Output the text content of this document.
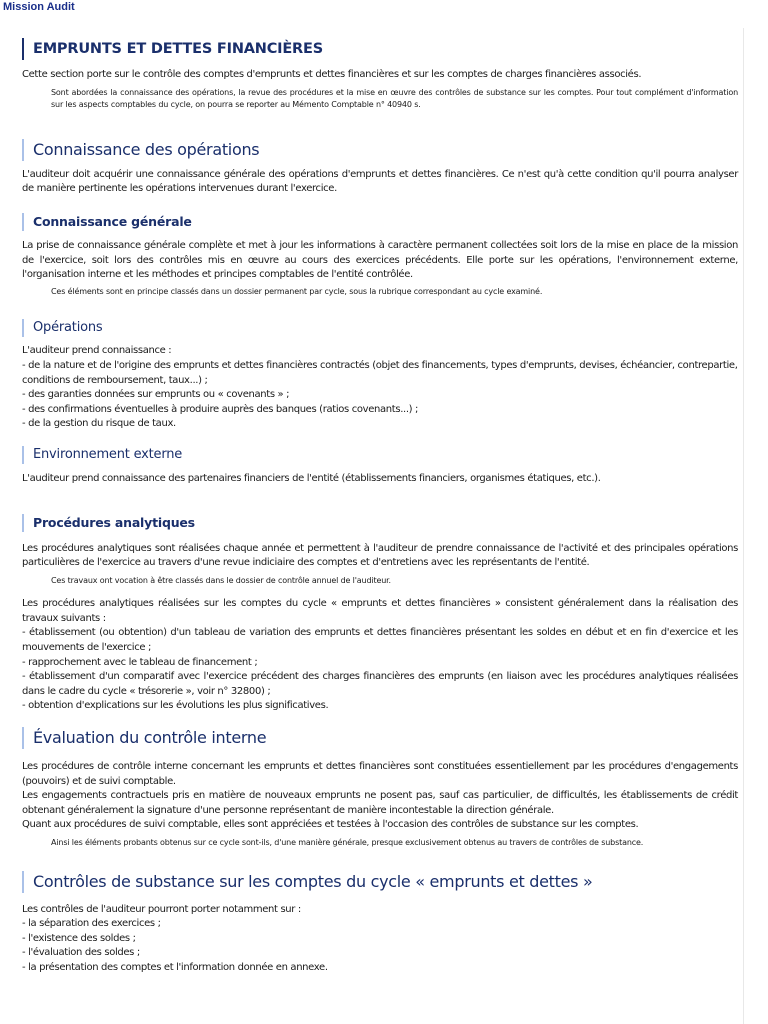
Mission Audit
EMPRUNTS ET DETTES FINANCIÈRES

Cette section porte sur le contrôle des comptes d'emprunts et dettes financières et sur les comptes de charges financières associés.

Sont abordées la connaissance des opérations, la revue des procédures et la mise en œuvre des contrôles de substance sur les comptes. Pour tout complément d'information sur les aspects comptables du cycle, on pourra se reporter au Mémento Comptable n° 40940 s.

Connaissance des opérations

L'auditeur doit acquérir une connaissance générale des opérations d'emprunts et dettes financières. Ce n'est qu'à cette condition qu'il pourra analyser de manière pertinente les opérations intervenues durant l'exercice.

Connaissance générale

La prise de connaissance générale complète et met à jour les informations à caractère permanent collectées soit lors de la mise en place de la mission de l'exercice, soit lors des contrôles mis en œuvre au cours des exercices précédents. Elle porte sur les opérations, l'environnement externe, l'organisation interne et les méthodes et principes comptables de l'entité contrôlée.

Ces éléments sont en principe classés dans un dossier permanent par cycle, sous la rubrique correspondant au cycle examiné.

Opérations

L'auditeur prend connaissance :

- de la nature et de l'origine des emprunts et dettes financières contractés (objet des financements, types d'emprunts, devises, échéancier, contrepartie, conditions de remboursement, taux...) ;
- des garanties données sur emprunts ou « covenants » ;
- des confirmations éventuelles à produire auprès des banques (ratios covenants...) ;
- de la gestion du risque de taux.
Environnement externe

L'auditeur prend connaissance des partenaires financiers de l'entité (établissements financiers, organismes étatiques, etc.).

Procédures analytiques

Les procédures analytiques sont réalisées chaque année et permettent à l'auditeur de prendre connaissance de l'activité et des principales opérations particulières de l'exercice au travers d'une revue indiciaire des comptes et d'entretiens avec les représentants de l'entité.

Ces travaux ont vocation à être classés dans le dossier de contrôle annuel de l'auditeur.

Les procédures analytiques réalisées sur les comptes du cycle « emprunts et dettes financières » consistent généralement dans la réalisation des travaux suivants :

- établissement (ou obtention) d'un tableau de variation des emprunts et dettes financières présentant les soldes en début et en fin d'exercice et les mouvements de l'exercice ;
- rapprochement avec le tableau de financement ;
- établissement d'un comparatif avec l'exercice précédent des charges financières des emprunts (en liaison avec les procédures analytiques réalisées dans le cadre du cycle « trésorerie », voir n° 32800) ;
- obtention d'explications sur les évolutions les plus significatives.
Évaluation du contrôle interne

Les procédures de contrôle interne concernant les emprunts et dettes financières sont constituées essentiellement par les procédures d'engagements (pouvoirs) et de suivi comptable.

Les engagements contractuels pris en matière de nouveaux emprunts ne posent pas, sauf cas particulier, de difficultés, les établissements de crédit obtenant généralement la signature d'une personne représentant de manière incontestable la direction générale.

Quant aux procédures de suivi comptable, elles sont appréciées et testées à l'occasion des contrôles de substance sur les comptes.

Ainsi les éléments probants obtenus sur ce cycle sont-ils, d'une manière générale, presque exclusivement obtenus au travers de contrôles de substance.

Contrôles de substance sur les comptes du cycle « emprunts et dettes »

Les contrôles de l'auditeur pourront porter notamment sur :

- la séparation des exercices ;
- l'existence des soldes ;
- l'évaluation des soldes ;
- la présentation des comptes et l'information donnée en annexe.
